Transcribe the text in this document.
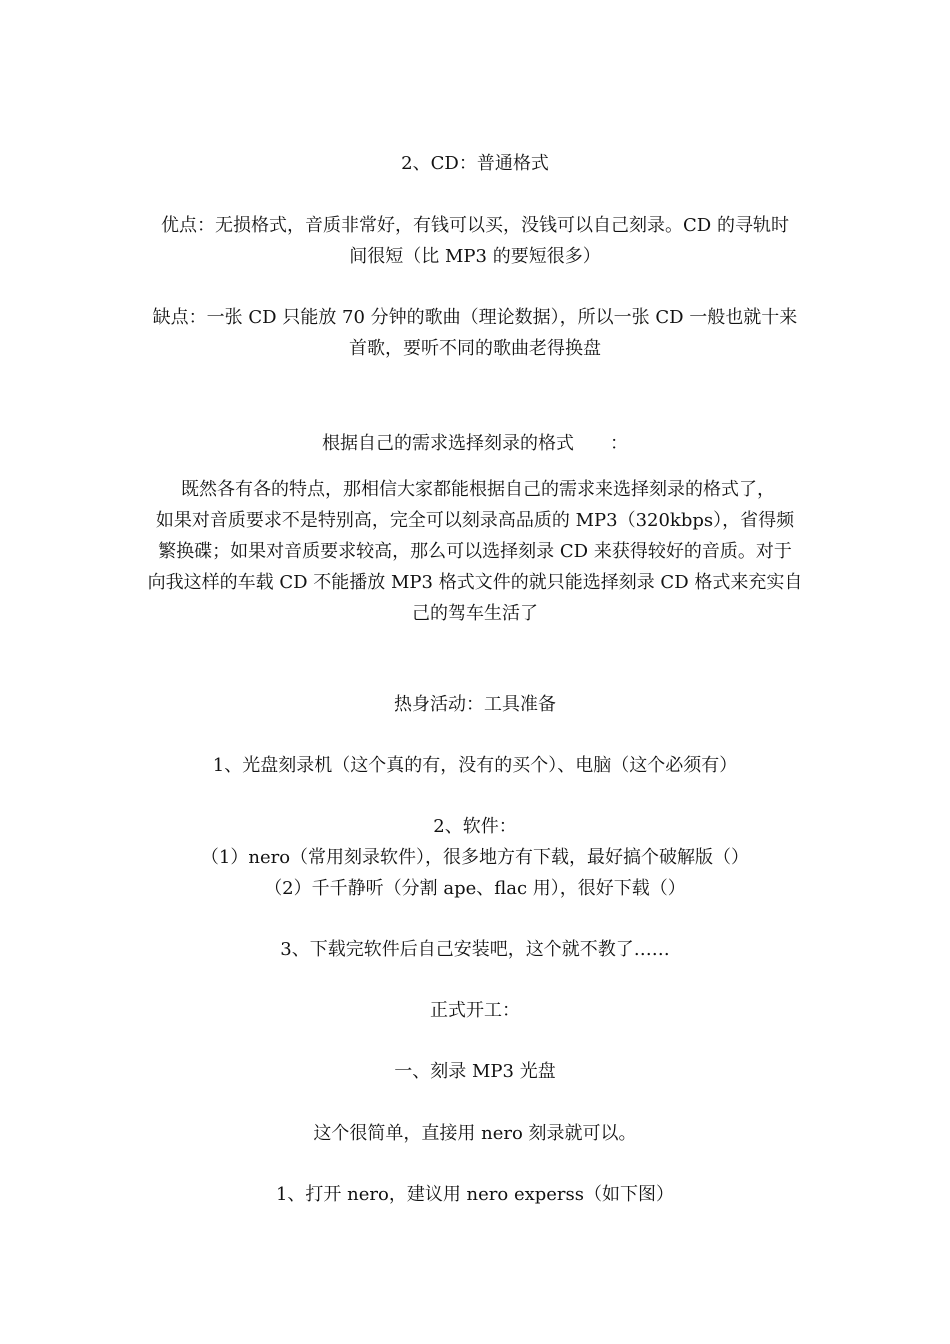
2、CD：普通格式
优点：无损格式，音质非常好，有钱可以买，没钱可以自己刻录。CD 的寻轨时
间很短（比 MP3 的要短很多）
缺点：一张 CD 只能放 70 分钟的歌曲（理论数据），所以一张 CD 一般也就十来
首歌，要听不同的歌曲老得换盘
根据自己的需求选择刻录的格式　　：
既然各有各的特点，那相信大家都能根据自己的需求来选择刻录的格式了，
如果对音质要求不是特别高，完全可以刻录高品质的 MP3（320kbps），省得频
繁换碟；如果对音质要求较高，那么可以选择刻录 CD 来获得较好的音质。对于
向我这样的车载 CD 不能播放 MP3 格式文件的就只能选择刻录 CD 格式来充实自
己的驾车生活了
热身活动：工具准备
1、光盘刻录机（这个真的有，没有的买个）、电脑（这个必须有）
2、软件：
（1）nero（常用刻录软件），很多地方有下载，最好搞个破解版（）
（2）千千静听（分割 ape、flac 用），很好下载（）
3、下载完软件后自己安装吧，这个就不教了……
正式开工：
一、刻录 MP3 光盘
这个很简单，直接用 nero 刻录就可以。
1、打开 nero，建议用 nero experss（如下图）
